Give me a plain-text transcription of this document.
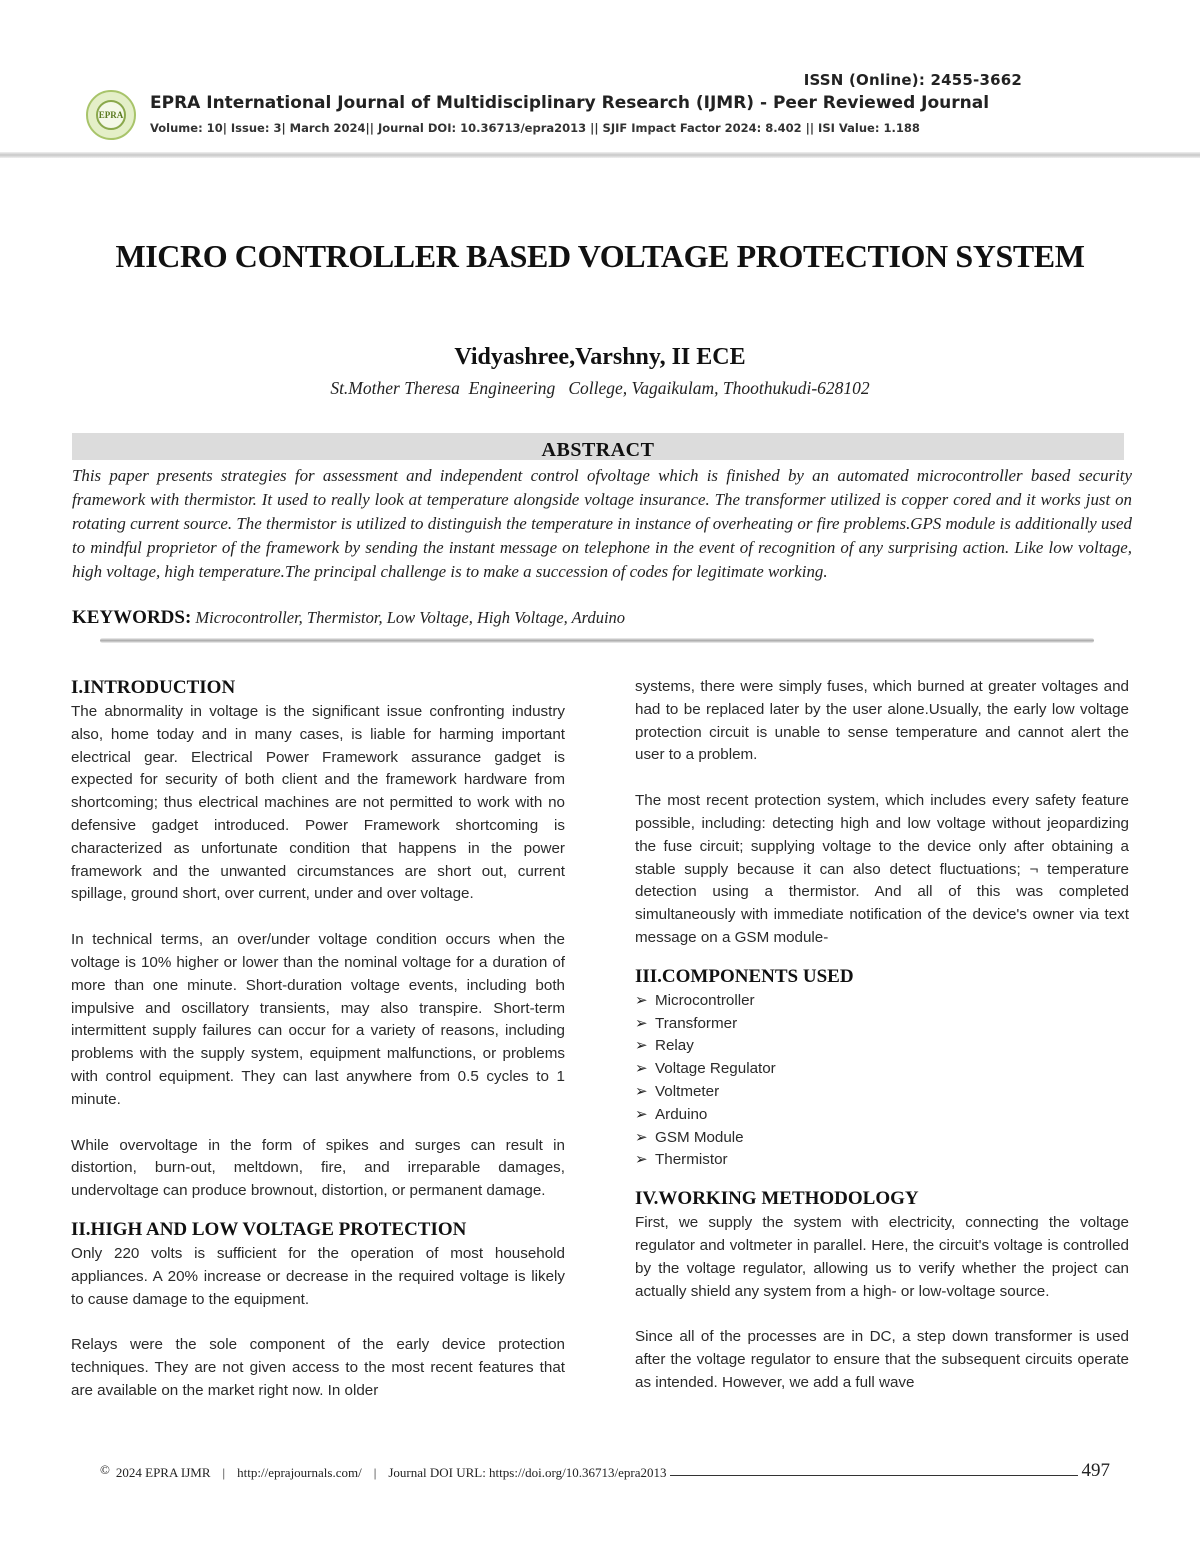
ISSN (Online): 2455-3662
EPRA
EPRA International Journal of Multidisciplinary Research (IJMR) - Peer Reviewed Journal
Volume: 10| Issue: 3| March 2024|| Journal DOI: 10.36713/epra2013 || SJIF Impact Factor 2024: 8.402 || ISI Value: 1.188
MICRO CONTROLLER BASED VOLTAGE PROTECTION SYSTEM
Vidyashree,Varshny, II ECE
St.Mother Theresa  Engineering   College, Vagaikulam, Thoothukudi-628102
ABSTRACT

This paper presents strategies for assessment and independent control ofvoltage which is finished by an automated microcontroller based security framework with thermistor. It used to really look at temperature alongside voltage insurance. The transformer utilized is copper cored and it works just on rotating current source. The thermistor is utilized to distinguish the temperature in instance of overheating or fire problems.GPS module is additionally used to mindful proprietor of the framework by sending the instant message on telephone in the event of recognition of any surprising action. Like low voltage, high voltage, high temperature.The principal challenge is to make a succession of codes for legitimate working.

KEYWORDS: Microcontroller, Thermistor, Low Voltage, High Voltage, Arduino
I.INTRODUCTION

The abnormality in voltage is the significant issue confronting industry also, home today and in many cases, is liable for harming important electrical gear. Electrical Power Framework assurance gadget is expected for security of both client and the framework hardware from shortcoming; thus electrical machines are not permitted to work with no defensive gadget introduced. Power Framework shortcoming is characterized as unfortunate condition that happens in the power framework and the unwanted circumstances are short out, current spillage, ground short, over current, under and over voltage.

In technical terms, an over/under voltage condition occurs when the voltage is 10% higher or lower than the nominal voltage for a duration of more than one minute. Short-duration voltage events, including both impulsive and oscillatory transients, may also transpire. Short-term intermittent supply failures can occur for a variety of reasons, including problems with the supply system, equipment malfunctions, or problems with control equipment. They can last anywhere from 0.5 cycles to 1 minute.

While overvoltage in the form of spikes and surges can result in distortion, burn-out, meltdown, fire, and irreparable damages, undervoltage can produce brownout, distortion, or permanent damage.

II.HIGH AND LOW VOLTAGE PROTECTION

Only 220 volts is sufficient for the operation of most household appliances. A 20% increase or decrease in the required voltage is likely to cause damage to the equipment.

Relays were the sole component of the early device protection techniques. They are not given access to the most recent features that are available on the market right now. In older

systems, there were simply fuses, which burned at greater voltages and had to be replaced later by the user alone.Usually, the early low voltage protection circuit is unable to sense temperature and cannot alert the user to a problem.

The most recent protection system, which includes every safety feature possible, including: detecting high and low voltage without jeopardizing the fuse circuit; supplying voltage to the device only after obtaining a stable supply because it can also detect fluctuations; ¬ temperature detection using a thermistor. And all of this was completed simultaneously with immediate notification of the device's owner via text message on a GSM module-

III.COMPONENTS USED
➢ Microcontroller
➢ Transformer
➢ Relay
➢ Voltage Regulator
➢ Voltmeter
➢ Arduino
➢ GSM Module
➢ Thermistor
IV.WORKING METHODOLOGY

First, we supply the system with electricity, connecting the voltage regulator and voltmeter in parallel. Here, the circuit's voltage is controlled by the voltage regulator, allowing us to verify whether the project can actually shield any system from a high- or low-voltage source.

Since all of the processes are in DC, a step down transformer is used after the voltage regulator to ensure that the subsequent circuits operate as intended. However, we add a full wave

© 2024 EPRA IJMR | http://eprajournals.com/ | Journal DOI URL: https://doi.org/10.36713/epra2013	497
